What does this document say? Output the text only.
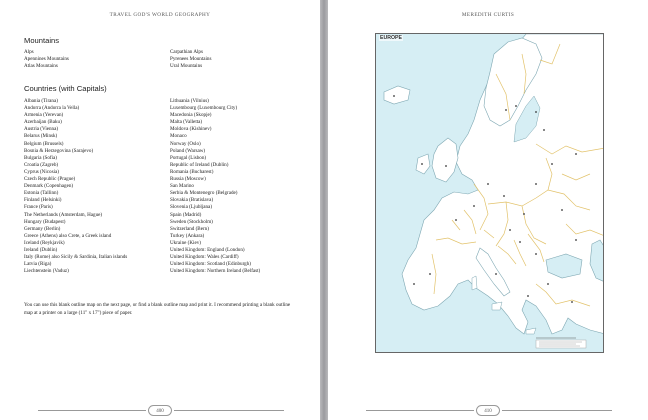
TRAVEL GOD'S WORLD GEOGRAPHY
Mountains
Alps
Apennines Mountains
Atlas Mountains
Carpathian Alps
Pyrenees Mountains
Ural Mountains
Countries (with Capitals)
Albania (Tirana)
Andorra (Andorra la Vella)
Armenia (Yerevan)
Azerbaijan (Baku)
Austria (Vienna)
Belarus (Minsk)
Belgium (Brussels)
Bosnia & Herzegovina (Sarajevo)
Bulgaria (Sofia)
Croatia (Zagreb)
Cyprus (Nicosia)
Czech Republic (Prague)
Denmark (Copenhagen)
Estonia (Tallinn)
Finland (Helsinki)
France (Paris)
The Netherlands (Amsterdam, Hague)
Hungary (Budapest)
Germany (Berlin)
Greece (Athens) also Crete, a Greek island
Iceland (Reykjavik)
Ireland (Dublin)
Italy (Rome) also Sicily & Sardinia, Italian islands
Latvia (Riga)
Liechtenstein (Vaduz)
Lithuania (Vilnius)
Luxembourg (Luxembourg City)
Macedonia (Skopje)
Malta (Valletta)
Moldova (Kishinev)
Monaco
Norway (Oslo)
Poland (Warsaw)
Portugal (Lisbon)
Republic of Ireland (Dublin)
Romania (Bucharest)
Russia (Moscow)
San Marino
Serbia & Montenegro (Belgrade)
Slovakia (Bratislava)
Slovenia (Ljubljana)
Spain (Madrid)
Sweden (Stockholm)
Switzerland (Bern)
Turkey (Ankara)
Ukraine (Kiev)
United Kingdom: England (London)
United Kingdom: Wales (Cardiff)
United Kingdom: Scotland (Edinburgh)
United Kingdom: Northern Ireland (Belfast)
You can use this blank outline map on the next page, or find a blank outline map and print it. I recommend printing a blank outline map at a printer on a large (11" x 17") piece of paper.
400
MEREDITH CURTIS
EUROPE
410
